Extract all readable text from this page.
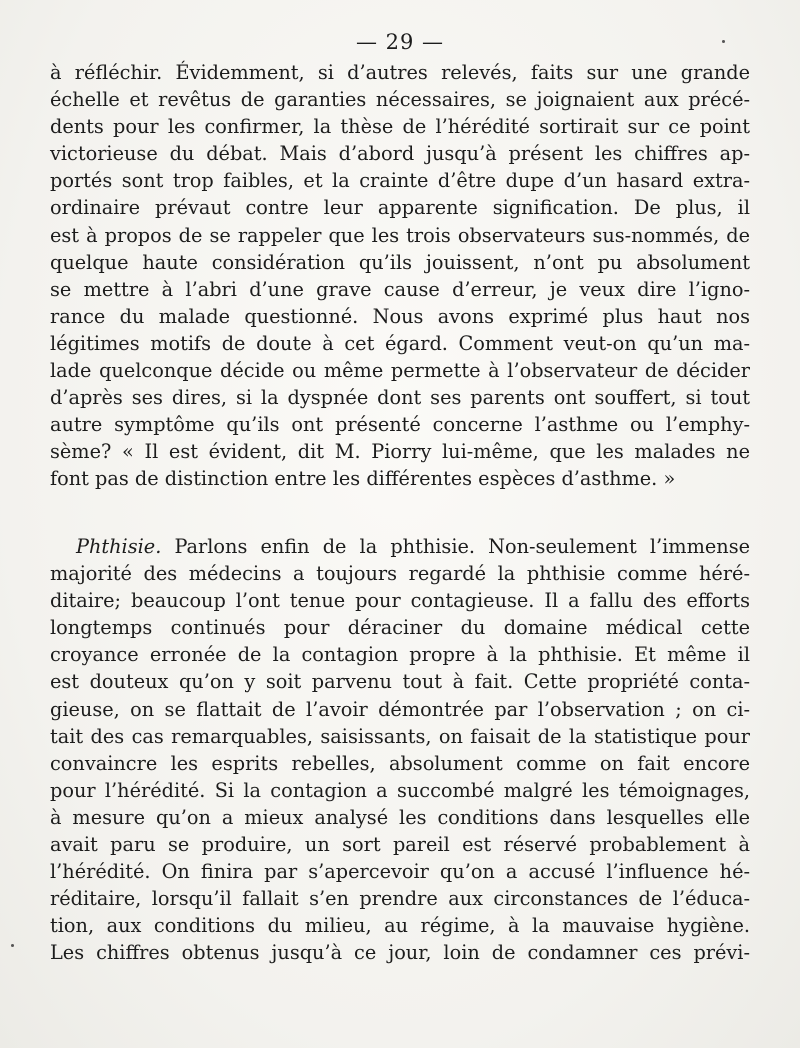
— 29 —
à réfléchir. Évidemment, si d’autres relevés, faits sur une grande
échelle et revêtus de garanties nécessaires, se joignaient aux précé-
dents pour les confirmer, la thèse de l’hérédité sortirait sur ce point
victorieuse du débat. Mais d’abord jusqu’à présent les chiffres ap-
portés sont trop faibles, et la crainte d’être dupe d’un hasard extra-
ordinaire prévaut contre leur apparente signification. De plus, il
est à propos de se rappeler que les trois observateurs sus-nommés, de
quelque haute considération qu’ils jouissent, n’ont pu absolument
se mettre à l’abri d’une grave cause d’erreur, je veux dire l’igno-
rance du malade questionné. Nous avons exprimé plus haut nos
légitimes motifs de doute à cet égard. Comment veut-on qu’un ma-
lade quelconque décide ou même permette à l’observateur de décider
d’après ses dires, si la dyspnée dont ses parents ont souffert, si tout
autre symptôme qu’ils ont présenté concerne l’asthme ou l’emphy-
sème? « Il est évident, dit M. Piorry lui-même, que les malades ne
font pas de distinction entre les différentes espèces d’asthme. »
Phthisie. Parlons enfin de la phthisie. Non-seulement l’immense
majorité des médecins a toujours regardé la phthisie comme héré-
ditaire; beaucoup l’ont tenue pour contagieuse. Il a fallu des efforts
longtemps continués pour déraciner du domaine médical cette
croyance erronée de la contagion propre à la phthisie. Et même il
est douteux qu’on y soit parvenu tout à fait. Cette propriété conta-
gieuse, on se flattait de l’avoir démontrée par l’observation ; on ci-
tait des cas remarquables, saisissants, on faisait de la statistique pour
convaincre les esprits rebelles, absolument comme on fait encore
pour l’hérédité. Si la contagion a succombé malgré les témoignages,
à mesure qu’on a mieux analysé les conditions dans lesquelles elle
avait paru se produire, un sort pareil est réservé probablement à
l’hérédité. On finira par s’apercevoir qu’on a accusé l’influence hé-
réditaire, lorsqu’il fallait s’en prendre aux circonstances de l’éduca-
tion, aux conditions du milieu, au régime, à la mauvaise hygiène.
Les chiffres obtenus jusqu’à ce jour, loin de condamner ces prévi-
